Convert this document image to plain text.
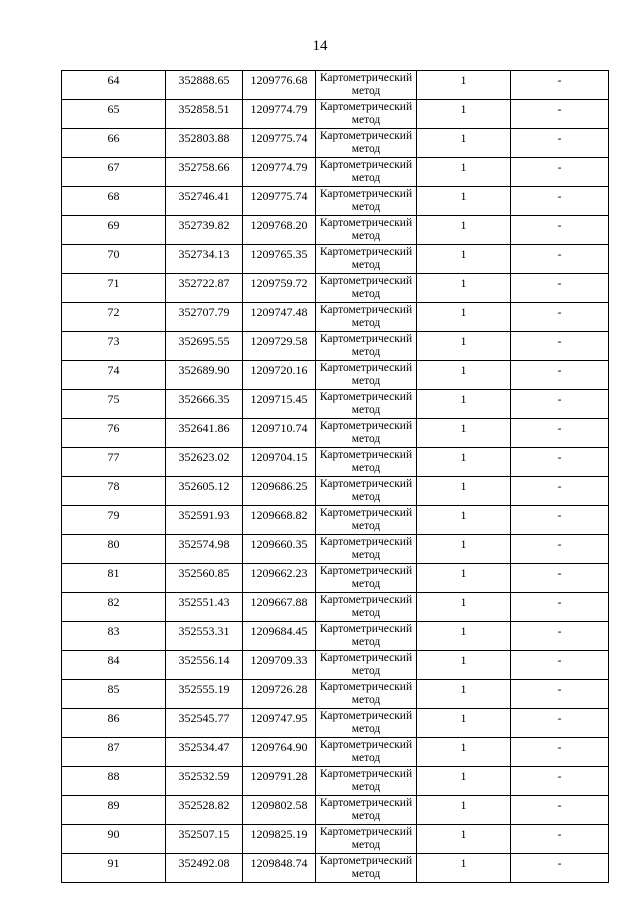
14
64	352888.65	1209776.68	Картометрический метод	1	-
65	352858.51	1209774.79	Картометрический метод	1	-
66	352803.88	1209775.74	Картометрический метод	1	-
67	352758.66	1209774.79	Картометрический метод	1	-
68	352746.41	1209775.74	Картометрический метод	1	-
69	352739.82	1209768.20	Картометрический метод	1	-
70	352734.13	1209765.35	Картометрический метод	1	-
71	352722.87	1209759.72	Картометрический метод	1	-
72	352707.79	1209747.48	Картометрический метод	1	-
73	352695.55	1209729.58	Картометрический метод	1	-
74	352689.90	1209720.16	Картометрический метод	1	-
75	352666.35	1209715.45	Картометрический метод	1	-
76	352641.86	1209710.74	Картометрический метод	1	-
77	352623.02	1209704.15	Картометрический метод	1	-
78	352605.12	1209686.25	Картометрический метод	1	-
79	352591.93	1209668.82	Картометрический метод	1	-
80	352574.98	1209660.35	Картометрический метод	1	-
81	352560.85	1209662.23	Картометрический метод	1	-
82	352551.43	1209667.88	Картометрический метод	1	-
83	352553.31	1209684.45	Картометрический метод	1	-
84	352556.14	1209709.33	Картометрический метод	1	-
85	352555.19	1209726.28	Картометрический метод	1	-
86	352545.77	1209747.95	Картометрический метод	1	-
87	352534.47	1209764.90	Картометрический метод	1	-
88	352532.59	1209791.28	Картометрический метод	1	-
89	352528.82	1209802.58	Картометрический метод	1	-
90	352507.15	1209825.19	Картометрический метод	1	-
91	352492.08	1209848.74	Картометрический метод	1	-
